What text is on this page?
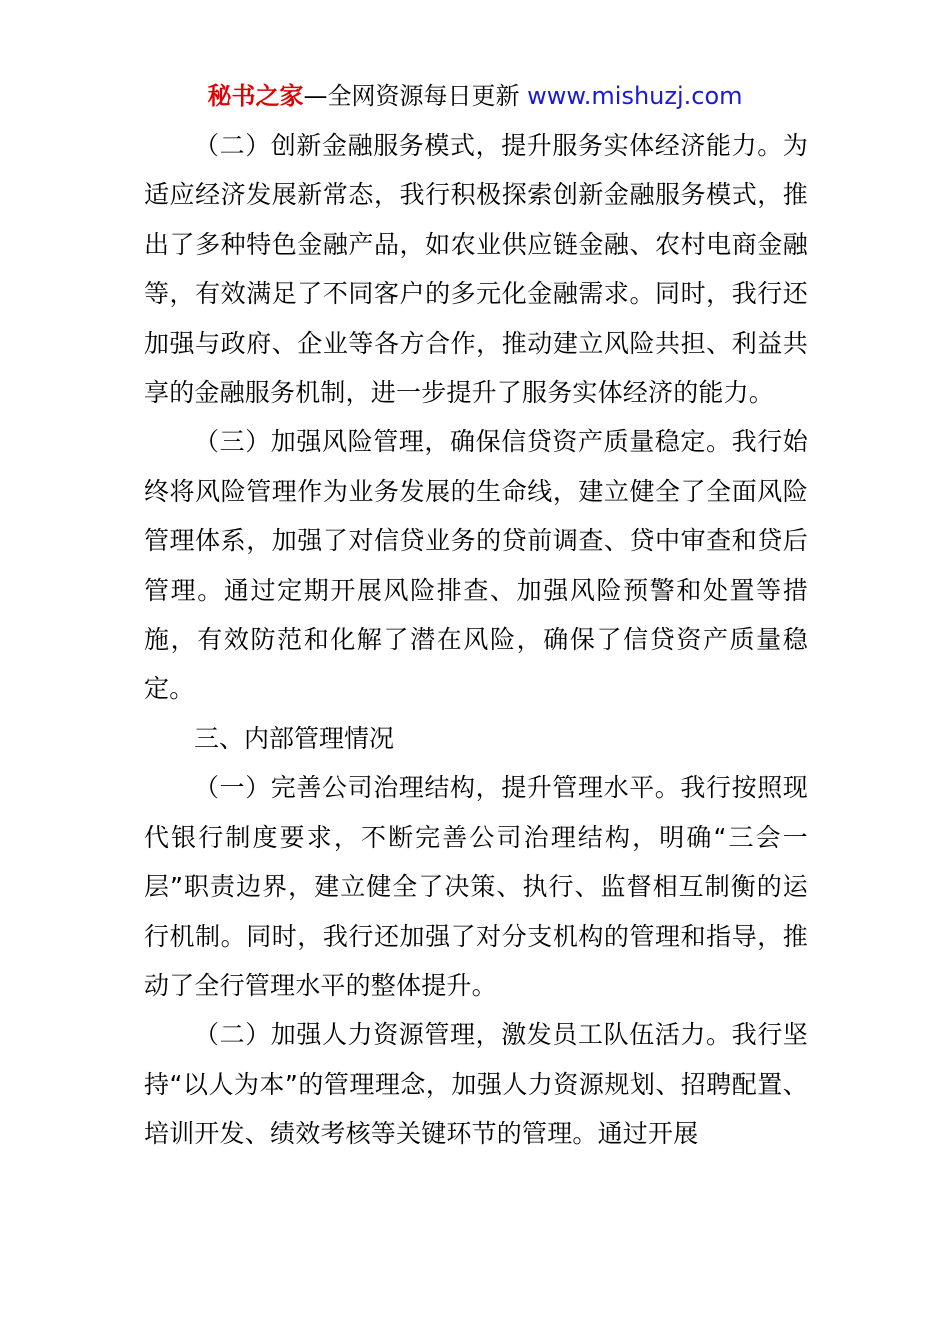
秘书之家—全网资源每日更新 www.mishuzj.com

（二）创新金融服务模式，提升服务实体经济能力。为适应经济发展新常态，我行积极探索创新金融服务模式，推出了多种特色金融产品，如农业供应链金融、农村电商金融等，有效满足了不同客户的多元化金融需求。同时，我行还加强与政府、企业等各方合作，推动建立风险共担、利益共享的金融服务机制，进一步提升了服务实体经济的能力。

（三）加强风险管理，确保信贷资产质量稳定。我行始终将风险管理作为业务发展的生命线，建立健全了全面风险管理体系，加强了对信贷业务的贷前调查、贷中审查和贷后管理。通过定期开展风险排查、加强风险预警和处置等措施，有效防范和化解了潜在风险，确保了信贷资产质量稳定。

三、内部管理情况

（一）完善公司治理结构，提升管理水平。我行按照现代银行制度要求，不断完善公司治理结构，明确“三会一层”职责边界，建立健全了决策、执行、监督相互制衡的运行机制。同时，我行还加强了对分支机构的管理和指导，推动了全行管理水平的整体提升。

（二）加强人力资源管理，激发员工队伍活力。我行坚持“以人为本”的管理理念，加强人力资源规划、招聘配置、培训开发、绩效考核等关键环节的管理。通过开展
